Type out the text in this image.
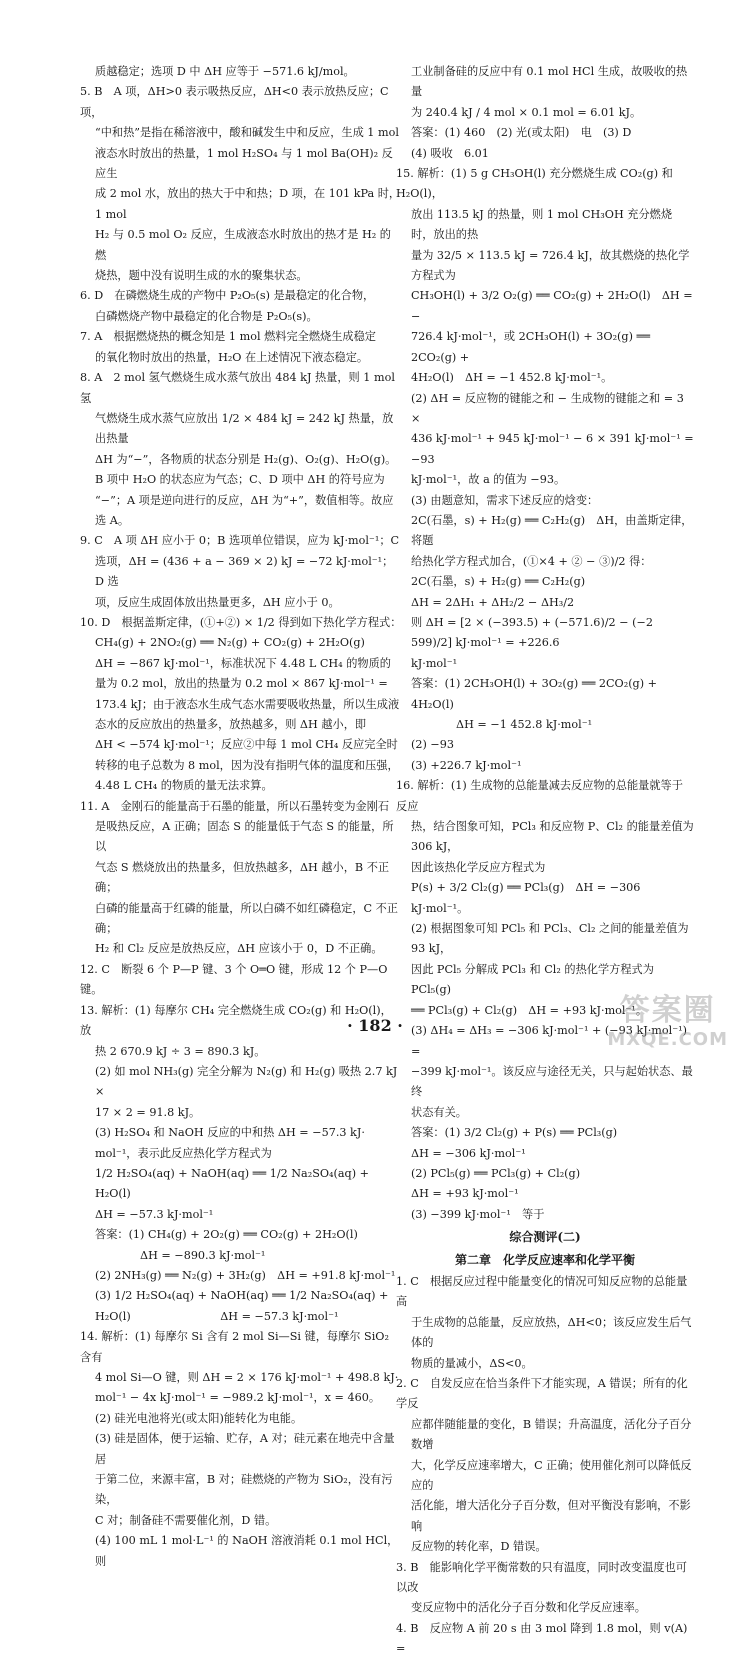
质越稳定；选项 D 中 ΔH 应等于 −571.6 kJ/mol。

5. B　A 项，ΔH>0 表示吸热反应，ΔH<0 表示放热反应；C 项，

“中和热”是指在稀溶液中，酸和碱发生中和反应，生成 1 mol

液态水时放出的热量，1 mol H₂SO₄ 与 1 mol Ba(OH)₂ 反应生

成 2 mol 水，放出的热大于中和热；D 项，在 101 kPa 时，1 mol

H₂ 与 0.5 mol O₂ 反应，生成液态水时放出的热才是 H₂ 的燃

烧热，题中没有说明生成的水的聚集状态。

6. D　在磷燃烧生成的产物中 P₂O₅(s) 是最稳定的化合物，

白磷燃烧产物中最稳定的化合物是 P₂O₅(s)。

7. A　根据燃烧热的概念知是 1 mol 燃料完全燃烧生成稳定

的氧化物时放出的热量，H₂O 在上述情况下液态稳定。

8. A　2 mol 氢气燃烧生成水蒸气放出 484 kJ 热量，则 1 mol 氢

气燃烧生成水蒸气应放出 1/2 × 484 kJ = 242 kJ 热量，放出热量

ΔH 为“−”，各物质的状态分别是 H₂(g)、O₂(g)、H₂O(g)。

B 项中 H₂O 的状态应为气态；C、D 项中 ΔH 的符号应为

“−”；A 项是逆向进行的反应，ΔH 为“+”，数值相等。故应

选 A。

9. C　A 项 ΔH 应小于 0；B 选项单位错误，应为 kJ·mol⁻¹；C

选项，ΔH = (436 + a − 369 × 2) kJ = −72 kJ·mol⁻¹；D 选

项，反应生成固体放出热量更多，ΔH 应小于 0。

10. D　根据盖斯定律，(①+②) × 1/2 得到如下热化学方程式：

CH₄(g) + 2NO₂(g) ══ N₂(g) + CO₂(g) + 2H₂O(g)

ΔH = −867 kJ·mol⁻¹，标准状况下 4.48 L CH₄ 的物质的

量为 0.2 mol，放出的热量为 0.2 mol × 867 kJ·mol⁻¹ =

173.4 kJ；由于液态水生成气态水需要吸收热量，所以生成液

态水的反应放出的热量多，放热越多，则 ΔH 越小，即

ΔH < −574 kJ·mol⁻¹；反应②中每 1 mol CH₄ 反应完全时

转移的电子总数为 8 mol，因为没有指明气体的温度和压强，

4.48 L CH₄ 的物质的量无法求算。

11. A　金刚石的能量高于石墨的能量，所以石墨转变为金刚石

是吸热反应，A 正确；固态 S 的能量低于气态 S 的能量，所以

气态 S 燃烧放出的热量多，但放热越多，ΔH 越小，B 不正确；

白磷的能量高于红磷的能量，所以白磷不如红磷稳定，C 不正确；

H₂ 和 Cl₂ 反应是放热反应，ΔH 应该小于 0，D 不正确。

12. C　断裂 6 个 P—P 键、3 个 O═O 键，形成 12 个 P—O 键。

13. 解析：(1) 每摩尔 CH₄ 完全燃烧生成 CO₂(g) 和 H₂O(l)，放

热 2 670.9 kJ ÷ 3 = 890.3 kJ。

(2) 如 mol NH₃(g) 完全分解为 N₂(g) 和 H₂(g) 吸热 2.7 kJ ×

17 × 2 = 91.8 kJ。

(3) H₂SO₄ 和 NaOH 反应的中和热 ΔH = −57.3 kJ·

mol⁻¹，表示此反应热化学方程式为

1/2 H₂SO₄(aq) + NaOH(aq) ══ 1/2 Na₂SO₄(aq) + H₂O(l)

ΔH = −57.3 kJ·mol⁻¹

答案：(1) CH₄(g) + 2O₂(g) ══ CO₂(g) + 2H₂O(l)

ΔH = −890.3 kJ·mol⁻¹

(2) 2NH₃(g) ══ N₂(g) + 3H₂(g)　ΔH = +91.8 kJ·mol⁻¹

(3) 1/2 H₂SO₄(aq) + NaOH(aq) ══ 1/2 Na₂SO₄(aq) +

H₂O(l)　　　　　　　　ΔH = −57.3 kJ·mol⁻¹

14. 解析：(1) 每摩尔 Si 含有 2 mol Si—Si 键，每摩尔 SiO₂ 含有

4 mol Si—O 键，则 ΔH = 2 × 176 kJ·mol⁻¹ + 498.8 kJ·

mol⁻¹ − 4x kJ·mol⁻¹ = −989.2 kJ·mol⁻¹，x = 460。

(2) 硅光电池将光(或太阳)能转化为电能。

(3) 硅是固体，便于运输、贮存，A 对；硅元素在地壳中含量居

于第二位，来源丰富，B 对；硅燃烧的产物为 SiO₂，没有污染，

C 对；制备硅不需要催化剂，D 错。

(4) 100 mL 1 mol·L⁻¹ 的 NaOH 溶液消耗 0.1 mol HCl，则

工业制备硅的反应中有 0.1 mol HCl 生成，故吸收的热量

为 240.4 kJ / 4 mol × 0.1 mol = 6.01 kJ。

答案：(1) 460　(2) 光(或太阳)　电　(3) D

(4) 吸收　6.01

15. 解析：(1) 5 g CH₃OH(l) 充分燃烧生成 CO₂(g) 和 H₂O(l)，

放出 113.5 kJ 的热量，则 1 mol CH₃OH 充分燃烧时，放出的热

量为 32/5 × 113.5 kJ = 726.4 kJ，故其燃烧的热化学方程式为

CH₃OH(l) + 3/2 O₂(g) ══ CO₂(g) + 2H₂O(l)　ΔH = −

726.4 kJ·mol⁻¹，或 2CH₃OH(l) + 3O₂(g) ══ 2CO₂(g) +

4H₂O(l)　ΔH = −1 452.8 kJ·mol⁻¹。

(2) ΔH = 反应物的键能之和 − 生成物的键能之和 = 3 ×

436 kJ·mol⁻¹ + 945 kJ·mol⁻¹ − 6 × 391 kJ·mol⁻¹ = −93

kJ·mol⁻¹，故 a 的值为 −93。

(3) 由题意知，需求下述反应的焓变：

2C(石墨，s) + H₂(g) ══ C₂H₂(g)　ΔH，由盖斯定律，将题

给热化学方程式加合，(①×4 + ② − ③)/2 得：

2C(石墨，s) + H₂(g) ══ C₂H₂(g)

ΔH = 2ΔH₁ + ΔH₂/2 − ΔH₃/2

则 ΔH = [2 × (−393.5) + (−571.6)/2 − (−2 599)/2] kJ·mol⁻¹ = +226.6

kJ·mol⁻¹

答案：(1) 2CH₃OH(l) + 3O₂(g) ══ 2CO₂(g) + 4H₂O(l)

ΔH = −1 452.8 kJ·mol⁻¹

(2) −93

(3) +226.7 kJ·mol⁻¹

16. 解析：(1) 生成物的总能量减去反应物的总能量就等于反应

热，结合图象可知，PCl₃ 和反应物 P、Cl₂ 的能量差值为 306 kJ，

因此该热化学反应方程式为

P(s) + 3/2 Cl₂(g) ══ PCl₃(g)　ΔH = −306 kJ·mol⁻¹。

(2) 根据图象可知 PCl₅ 和 PCl₃、Cl₂ 之间的能量差值为 93 kJ，

因此 PCl₅ 分解成 PCl₃ 和 Cl₂ 的热化学方程式为 PCl₅(g)

══ PCl₃(g) + Cl₂(g)　ΔH = +93 kJ·mol⁻¹。

(3) ΔH₄ = ΔH₃ = −306 kJ·mol⁻¹ + (−93 kJ·mol⁻¹) =

−399 kJ·mol⁻¹。该反应与途径无关，只与起始状态、最终

状态有关。

答案：(1) 3/2 Cl₂(g) + P(s) ══ PCl₃(g)

ΔH = −306 kJ·mol⁻¹

(2) PCl₅(g) ══ PCl₃(g) + Cl₂(g)

ΔH = +93 kJ·mol⁻¹

(3) −399 kJ·mol⁻¹　等于

综合测评(二)

第二章　化学反应速率和化学平衡

1. C　根据反应过程中能量变化的情况可知反应物的总能量高

于生成物的总能量，反应放热，ΔH<0；该反应发生后气体的

物质的量减小，ΔS<0。

2. C　自发反应在恰当条件下才能实现，A 错误；所有的化学反

应都伴随能量的变化，B 错误；升高温度，活化分子百分数增

大，化学反应速率增大，C 正确；使用催化剂可以降低反应的

活化能，增大活化分子百分数，但对平衡没有影响，不影响

反应物的转化率，D 错误。

3. B　能影响化学平衡常数的只有温度，同时改变温度也可以改

变反应物中的活化分子百分数和化学反应速率。

4. B　反应物 A 前 20 s 由 3 mol 降到 1.8 mol，则 v(A) =

· 182 ·	答案圈
MXQE.COM
